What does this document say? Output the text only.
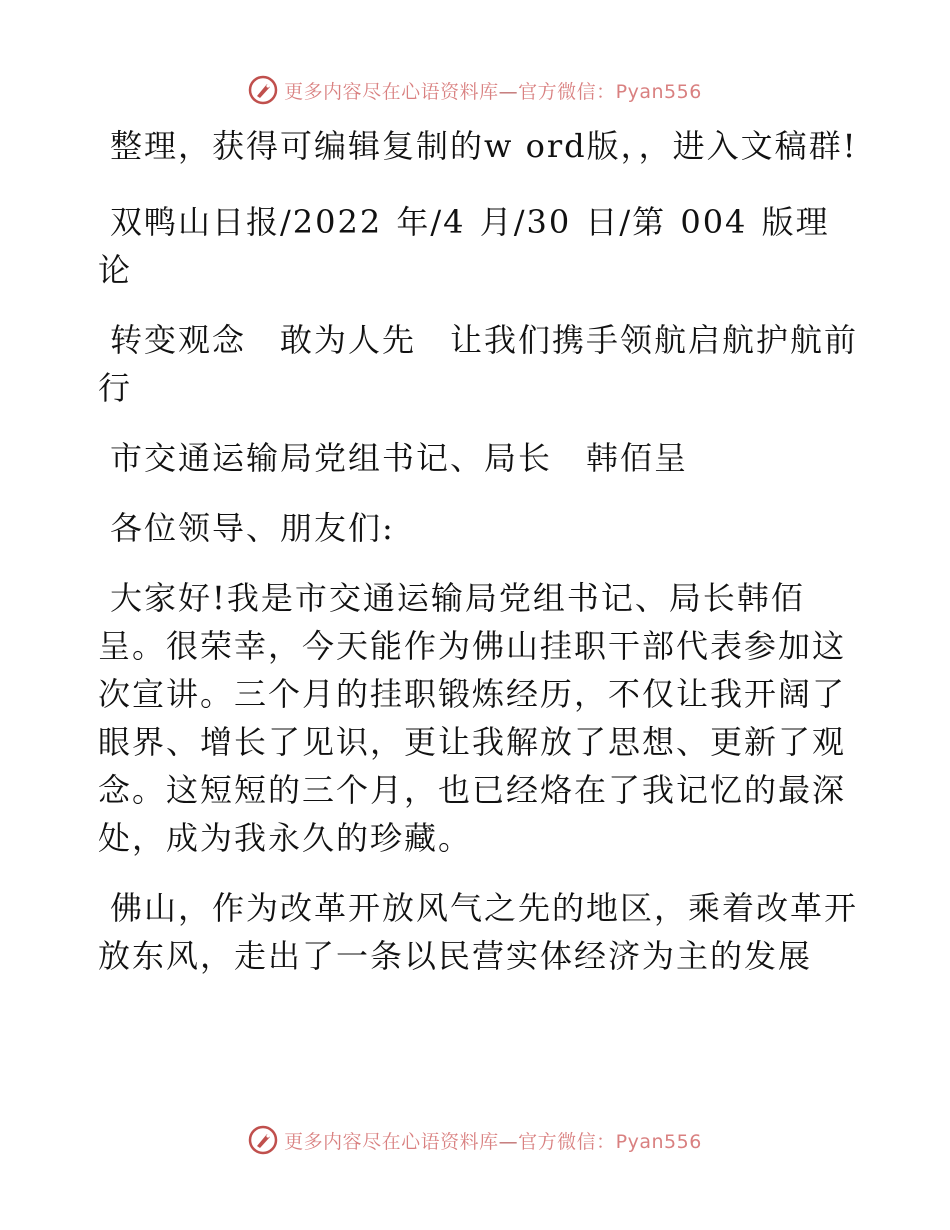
更多内容尽在心语资料库—官方微信：Pyan556

整理，获得可编辑复制的w ord版，，进入文稿群!

双鸭山日报/2022 年/4 月/30 日/第 004 版理论

转变观念　敢为人先　让我们携手领航启航护航前行

市交通运输局党组书记、局长　韩佰呈

各位领导、朋友们:

大家好!我是市交通运输局党组书记、局长韩佰呈。很荣幸，今天能作为佛山挂职干部代表参加这次宣讲。三个月的挂职锻炼经历，不仅让我开阔了眼界、增长了见识，更让我解放了思想、更新了观念。这短短的三个月，也已经烙在了我记忆的最深处，成为我永久的珍藏。

佛山，作为改革开放风气之先的地区，乘着改革开放东风，走出了一条以民营实体经济为主的发展

更多内容尽在心语资料库—官方微信：Pyan556
